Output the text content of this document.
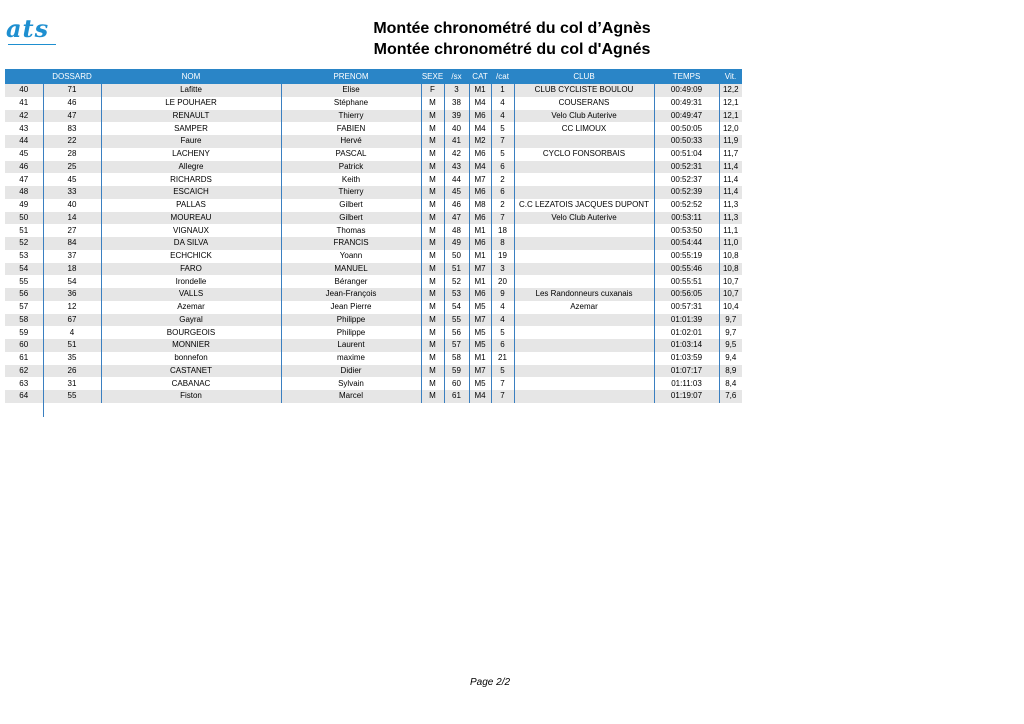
ats	Montée chronométré du col d’Agnès
Montée chronométré du col d'Agnés
	DOSSARD	NOM	PRENOM	SEXE	/sx	CAT	/cat	CLUB	TEMPS	Vit.
40	71	Lafitte	Elise	F	3	M1	1	CLUB CYCLISTE BOULOU	00:49:09	12,2
41	46	LE POUHAER	Stéphane	M	38	M4	4	COUSERANS	00:49:31	12,1
42	47	RENAULT	Thierry	M	39	M6	4	Velo Club Auterive	00:49:47	12,1
43	83	SAMPER	FABIEN	M	40	M4	5	CC LIMOUX	00:50:05	12,0
44	22	Faure	Hervé	M	41	M2	7		00:50:33	11,9
45	28	LACHENY	PASCAL	M	42	M6	5	CYCLO FONSORBAIS	00:51:04	11,7
46	25	Allegre	Patrick	M	43	M4	6		00:52:31	11,4
47	45	RICHARDS	Keith	M	44	M7	2		00:52:37	11,4
48	33	ESCAICH	Thierry	M	45	M6	6		00:52:39	11,4
49	40	PALLAS	Gilbert	M	46	M8	2	C.C LEZATOIS JACQUES DUPONT	00:52:52	11,3
50	14	MOUREAU	Gilbert	M	47	M6	7	Velo Club Auterive	00:53:11	11,3
51	27	VIGNAUX	Thomas	M	48	M1	18		00:53:50	11,1
52	84	DA SILVA	FRANCIS	M	49	M6	8		00:54:44	11,0
53	37	ECHCHICK	Yoann	M	50	M1	19		00:55:19	10,8
54	18	FARO	MANUEL	M	51	M7	3		00:55:46	10,8
55	54	Irondelle	Béranger	M	52	M1	20		00:55:51	10,7
56	36	VALLS	Jean-François	M	53	M6	9	Les Randonneurs cuxanais	00:56:05	10,7
57	12	Azemar	Jean Pierre	M	54	M5	4	Azemar	00:57:31	10,4
58	67	Gayral	Philippe	M	55	M7	4		01:01:39	9,7
59	4	BOURGEOIS	Philippe	M	56	M5	5		01:02:01	9,7
60	51	MONNIER	Laurent	M	57	M5	6		01:03:14	9,5
61	35	bonnefon	maxime	M	58	M1	21		01:03:59	9,4
62	26	CASTANET	Didier	M	59	M7	5		01:07:17	8,9
63	31	CABANAC	Sylvain	M	60	M5	7		01:11:03	8,4
64	55	Fiston	Marcel	M	61	M4	7		01:19:07	7,6

Page 2/2
